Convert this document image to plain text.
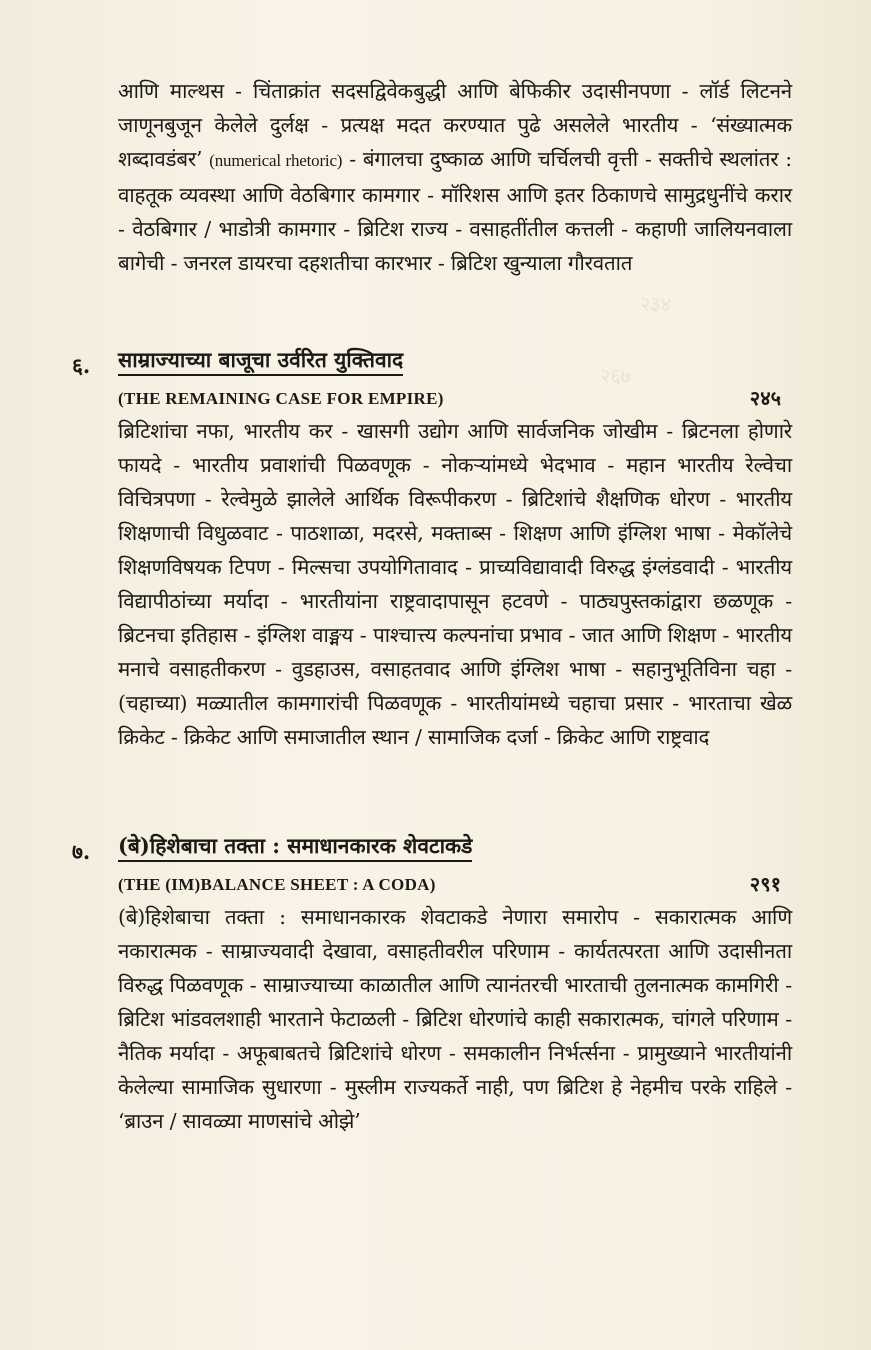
२३४
२६७

आणि माल्थस - चिंताक्रांत सदसद्विवेकबुद्धी आणि बेफिकीर उदासीनपणा - लॉर्ड लिटनने जाणूनबुजून केलेले दुर्लक्ष - प्रत्यक्ष मदत करण्यात पुढे असलेले भारतीय - ‘संख्यात्मक शब्दावडंबर’ (numerical rhetoric) - बंगालचा दुष्काळ आणि चर्चिलची वृत्ती - सक्तीचे स्थलांतर : वाहतूक व्यवस्था आणि वेठबिगार कामगार - मॉरिशस आणि इतर ठिकाणचे सामुद्रधुनींचे करार - वेठबिगार / भाडोत्री कामगार - ब्रिटिश राज्य - वसाहतींतील कत्तली - कहाणी जालियनवाला बागेची - जनरल डायरचा दहशतीचा कारभार - ब्रिटिश खुन्याला गौरवतात

६. साम्राज्याच्या बाजूचा उर्वरित युक्तिवाद
(THE REMAINING CASE FOR EMPIRE)	२४५

ब्रिटिशांचा नफा, भारतीय कर - खासगी उद्योग आणि सार्वजनिक जोखीम - ब्रिटनला होणारे फायदे - भारतीय प्रवाशांची पिळवणूक - नोकऱ्यांमध्ये भेदभाव - महान भारतीय रेल्वेचा विचित्रपणा - रेल्वेमुळे झालेले आर्थिक विरूपीकरण - ब्रिटिशांचे शैक्षणिक धोरण - भारतीय शिक्षणाची विधुळवाट - पाठशाळा, मदरसे, मक्ताब्स - शिक्षण आणि इंग्लिश भाषा - मेकॉलेचे शिक्षणविषयक टिपण - मिल्सचा उपयोगितावाद - प्राच्यविद्यावादी विरुद्ध इंग्लंडवादी - भारतीय विद्यापीठांच्या मर्यादा - भारतीयांना राष्ट्रवादापासून हटवणे - पाठ्यपुस्तकांद्वारा छळणूक - ब्रिटनचा इतिहास - इंग्लिश वाङ्मय - पाश्चात्त्य कल्पनांचा प्रभाव - जात आणि शिक्षण - भारतीय मनाचे वसाहतीकरण - वुडहाउस, वसाहतवाद आणि इंग्लिश भाषा - सहानुभूतिविना चहा - (चहाच्या) मळ्यातील कामगारांची पिळवणूक - भारतीयांमध्ये चहाचा प्रसार - भारताचा खेळ क्रिकेट - क्रिकेट आणि समाजातील स्थान / सामाजिक दर्जा - क्रिकेट आणि राष्ट्रवाद

७. (बे)हिशेबाचा तक्ता : समाधानकारक शेवटाकडे
(THE (IM)BALANCE SHEET : A CODA)	२९१

(बे)हिशेबाचा तक्ता : समाधानकारक शेवटाकडे नेणारा समारोप - सकारात्मक आणि नकारात्मक - साम्राज्यवादी देखावा, वसाहतीवरील परिणाम - कार्यतत्परता आणि उदासीनता विरुद्ध पिळवणूक - साम्राज्याच्या काळातील आणि त्यानंतरची भारताची तुलनात्मक कामगिरी - ब्रिटिश भांडवलशाही भारताने फेटाळली - ब्रिटिश धोरणांचे काही सकारात्मक, चांगले परिणाम - नैतिक मर्यादा - अफूबाबतचे ब्रिटिशांचे धोरण - समकालीन निर्भर्त्सना - प्रामुख्याने भारतीयांनी केलेल्या सामाजिक सुधारणा - मुस्लीम राज्यकर्ते नाही, पण ब्रिटिश हे नेहमीच परके राहिले - ‘ब्राउन / सावळ्या माणसांचे ओझे’
